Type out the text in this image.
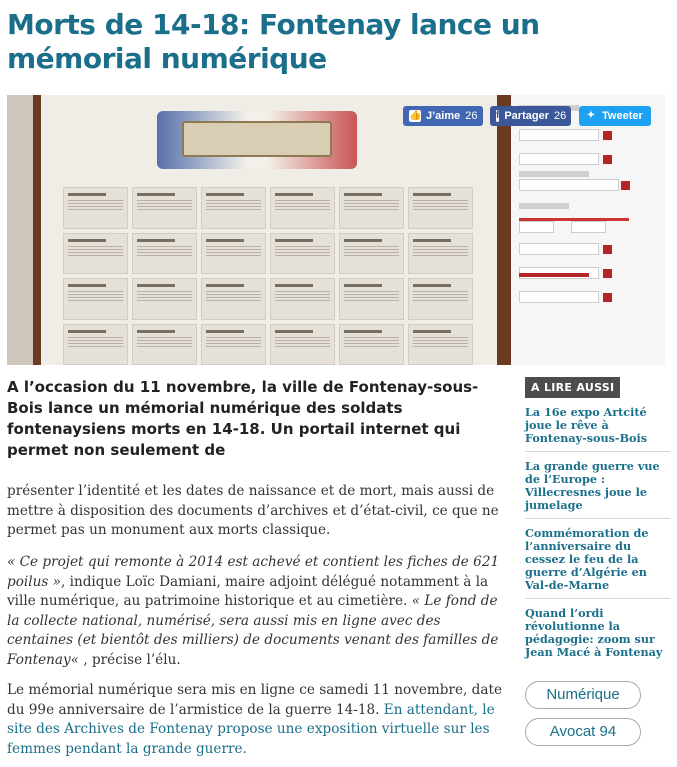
Morts de 14-18: Fontenay lance un mémorial numérique
👍 J’aime 26 f Partager 26 ✦ Tweeter

A l’occasion du 11 novembre, la ville de Fontenay-sous-Bois lance un mémorial numérique des soldats fontenaysiens morts en 14-18. Un portail internet qui permet non seulement de

présenter l’identité et les dates de naissance et de mort, mais aussi de mettre à disposition des documents d’archives et d’état-civil, ce que ne permet pas un monument aux morts classique.

« Ce projet qui remonte à 2014 est achevé et contient les fiches de 621 poilus », indique Loïc Damiani, maire adjoint délégué notamment à la ville numérique, au patrimoine historique et au cimetière. « Le fond de la collecte national, numérisé, sera aussi mis en ligne avec des centaines (et bientôt des milliers) de documents venant des familles de Fontenay« , précise l’élu.

Le mémorial numérique sera mis en ligne ce samedi 11 novembre, date du 99e anniversaire de l’armistice de la guerre 14-18. En attendant, le site des Archives de Fontenay propose une exposition virtuelle sur les femmes pendant la grande guerre.

A LIRE AUSSI
La 16e expo Artcité joue le rêve à Fontenay-sous-Bois
La grande guerre vue de l’Europe : Villecresnes joue le jumelage
Commémoration de l’anniversaire du cessez le feu de la guerre d’Algérie en Val-de-Marne
Quand l’ordi révolutionne la pédagogie: zoom sur Jean Macé à Fontenay
Numérique
Avocat 94
